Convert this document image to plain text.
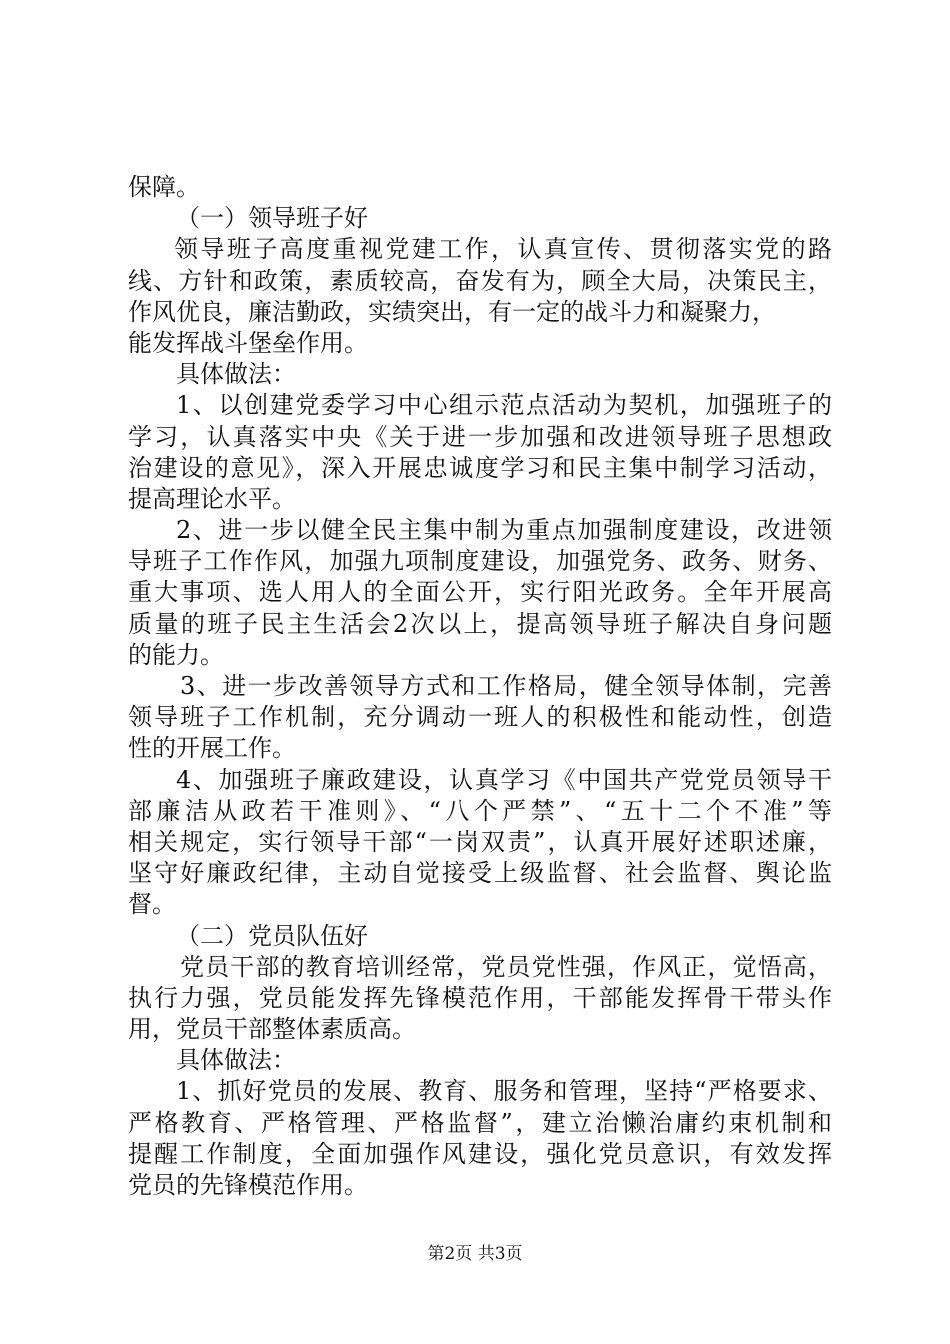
保障。
（一）领导班子好
领导班子高度重视党建工作，认真宣传、贯彻落实党的路
线、方针和政策，素质较高，奋发有为，顾全大局，决策民主，
作风优良，廉洁勤政，实绩突出，有一定的战斗力和凝聚力，
能发挥战斗堡垒作用。
具体做法：
1、以创建党委学习中心组示范点活动为契机，加强班子的
学习，认真落实中央《关于进一步加强和改进领导班子思想政
治建设的意见》，深入开展忠诚度学习和民主集中制学习活动，
提高理论水平。
2、进一步以健全民主集中制为重点加强制度建设，改进领
导班子工作作风，加强九项制度建设，加强党务、政务、财务、
重大事项、选人用人的全面公开，实行阳光政务。全年开展高
质量的班子民主生活会2次以上，提高领导班子解决自身问题
的能力。
3、进一步改善领导方式和工作格局，健全领导体制，完善
领导班子工作机制，充分调动一班人的积极性和能动性，创造
性的开展工作。
4、加强班子廉政建设，认真学习《中国共产党党员领导干
部廉洁从政若干准则》、“八个严禁”、“五十二个不准”等
相关规定，实行领导干部“一岗双责”，认真开展好述职述廉，
坚守好廉政纪律，主动自觉接受上级监督、社会监督、舆论监
督。
（二）党员队伍好
党员干部的教育培训经常，党员党性强，作风正，觉悟高，
执行力强，党员能发挥先锋模范作用，干部能发挥骨干带头作
用，党员干部整体素质高。
具体做法：
1、抓好党员的发展、教育、服务和管理，坚持“严格要求、
严格教育、严格管理、严格监督”，建立治懒治庸约束机制和
提醒工作制度，全面加强作风建设，强化党员意识，有效发挥
党员的先锋模范作用。
第2页 共3页
